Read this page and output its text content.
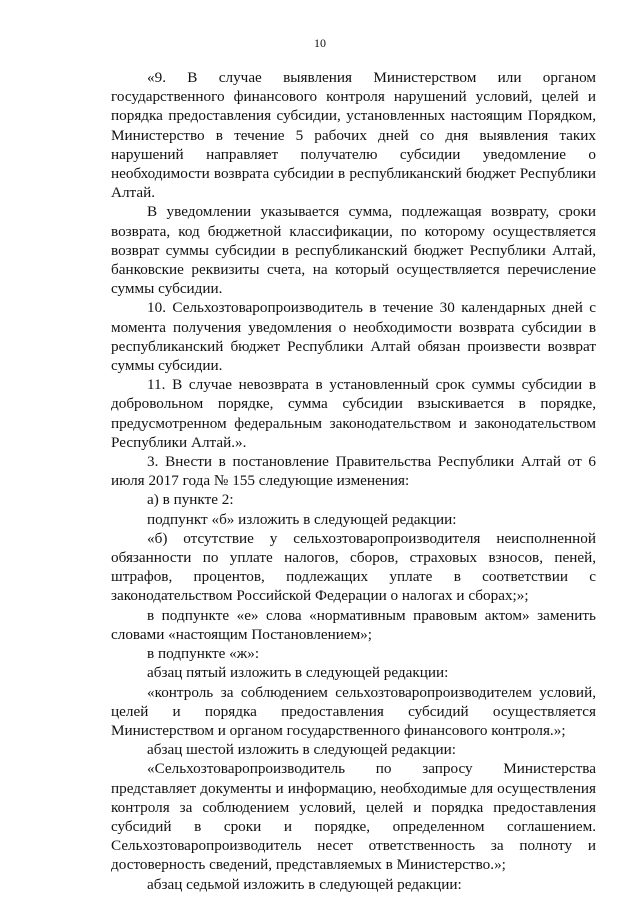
10

«9. В случае выявления Министерством или органом государственного финансового контроля нарушений условий, целей и порядка предоставления субсидии, установленных настоящим Порядком, Министерство в течение 5 рабочих дней со дня выявления таких нарушений направляет получателю субсидии уведомление о необходимости возврата субсидии в республиканский бюджет Республики Алтай.

В уведомлении указывается сумма, подлежащая возврату, сроки возврата, код бюджетной классификации, по которому осуществляется возврат суммы субсидии в республиканский бюджет Республики Алтай, банковские реквизиты счета, на который осуществляется перечисление суммы субсидии.

10. Сельхозтоваропроизводитель в течение 30 календарных дней с момента получения уведомления о необходимости возврата субсидии в республиканский бюджет Республики Алтай обязан произвести возврат суммы субсидии.

11. В случае невозврата в установленный срок суммы субсидии в добровольном порядке, сумма субсидии взыскивается в порядке, предусмотренном федеральным законодательством и законодательством Республики Алтай.».

3. Внести в постановление Правительства Республики Алтай от 6 июля 2017 года № 155 следующие изменения:

а) в пункте 2:

подпункт «б» изложить в следующей редакции:

«б) отсутствие у сельхозтоваропроизводителя неисполненной обязанности по уплате налогов, сборов, страховых взносов, пеней, штрафов, процентов, подлежащих уплате в соответствии с законодательством Российской Федерации о налогах и сборах;»;

в подпункте «е» слова «нормативным правовым актом» заменить словами «настоящим Постановлением»;

в подпункте «ж»:

абзац пятый изложить в следующей редакции:

«контроль за соблюдением сельхозтоваропроизводителем условий, целей и порядка предоставления субсидий осуществляется Министерством и органом государственного финансового контроля.»;

абзац шестой изложить в следующей редакции:

«Сельхозтоваропроизводитель по запросу Министерства представляет документы и информацию, необходимые для осуществления контроля за соблюдением условий, целей и порядка предоставления субсидий в сроки и порядке, определенном соглашением. Сельхозтоваропроизводитель несет ответственность за полноту и достоверность сведений, представляемых в Министерство.»;

абзац седьмой изложить в следующей редакции:
